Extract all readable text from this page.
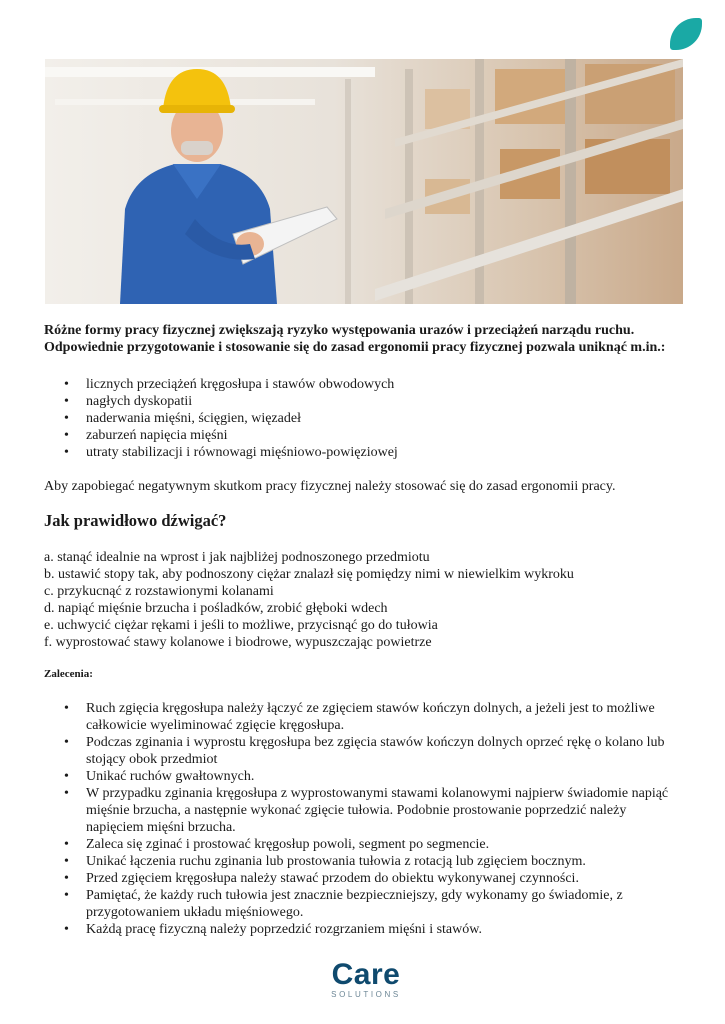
Różne formy pracy fizycznej zwiększają ryzyko występowania urazów i przeciążeń narządu ruchu. Odpowiednie przygotowanie i stosowanie się do zasad ergonomii pracy fizycznej pozwala uniknąć m.in.:

• licznych przeciążeń kręgosłupa i stawów obwodowych
• nagłych dyskopatii
• naderwania mięśni, ścięgien, więzadeł
• zaburzeń napięcia mięśni
• utraty stabilizacji i równowagi mięśniowo-powięziowej

Aby zapobiegać negatywnym skutkom pracy fizycznej należy stosować się do zasad ergonomii pracy.

Jak prawidłowo dźwigać?
a. stanąć idealnie na wprost i jak najbliżej podnoszonego przedmiotu
b. ustawić stopy tak, aby podnoszony ciężar znalazł się pomiędzy nimi w niewielkim wykroku
c. przykucnąć z rozstawionymi kolanami
d. napiąć mięśnie brzucha i pośladków, zrobić głęboki wdech
e. uchwycić ciężar rękami i jeśli to możliwe, przycisnąć go do tułowia
f. wyprostować stawy kolanowe i biodrowe, wypuszczając powietrze

Zalecenia:

• Ruch zgięcia kręgosłupa należy łączyć ze zgięciem stawów kończyn dolnych, a jeżeli jest to możliwe całkowicie wyeliminować zgięcie kręgosłupa.
• Podczas zginania i wyprostu kręgosłupa bez zgięcia stawów kończyn dolnych oprzeć rękę o kolano lub stojący obok przedmiot
• Unikać ruchów gwałtownych.
• W przypadku zginania kręgosłupa z wyprostowanymi stawami kolanowymi najpierw świadomie napiąć mięśnie brzucha, a następnie wykonać zgięcie tułowia. Podobnie prostowanie poprzedzić należy napięciem mięśni brzucha.
• Zaleca się zginać i prostować kręgosłup powoli, segment po segmencie.
• Unikać łączenia ruchu zginania lub prostowania tułowia z rotacją lub zgięciem bocznym.
• Przed zgięciem kręgosłupa należy stawać przodem do obiektu wykonywanej czynności.
• Pamiętać, że każdy ruch tułowia jest znacznie bezpieczniejszy, gdy wykonamy go świadomie, z przygotowaniem układu mięśniowego.
• Każdą pracę fizyczną należy poprzedzić rozgrzaniem mięśni i stawów.
Care
SOLUTIONS
